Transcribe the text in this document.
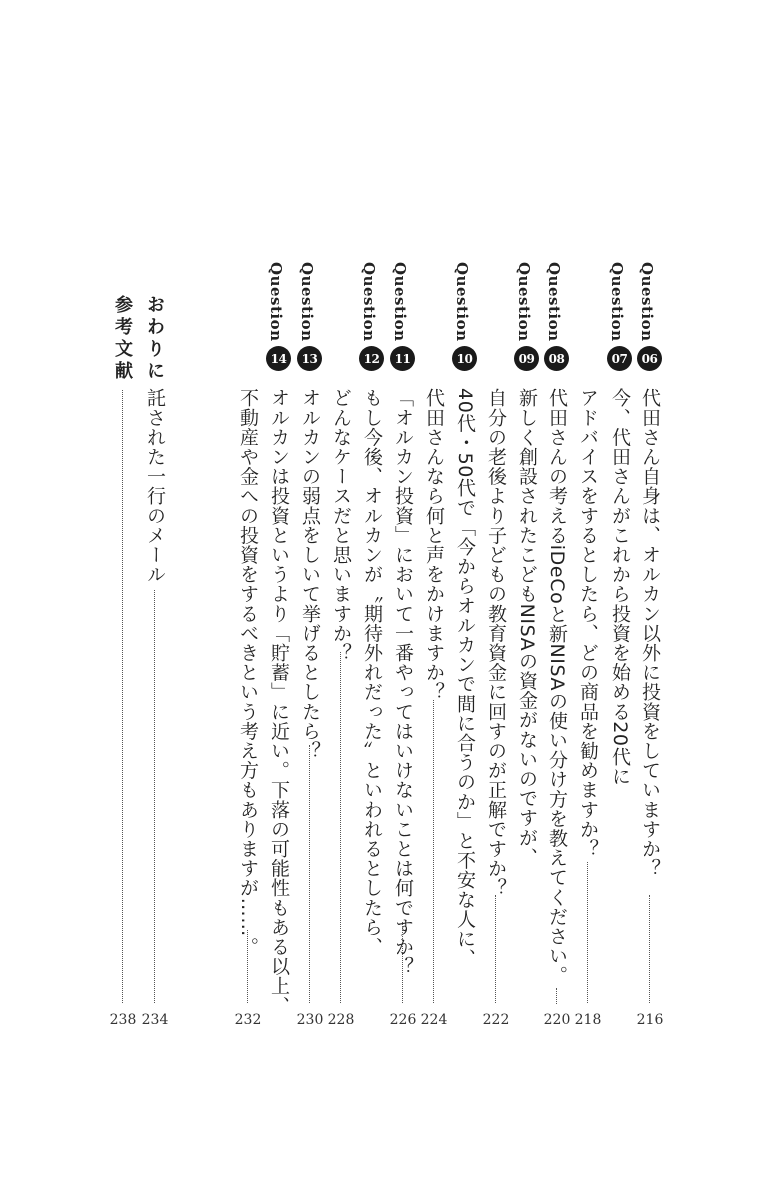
Question
06
代田さん自身は、オルカン以外に投資をしていますか？
216
Question
07
今、代田さんがこれから投資を始める20代に
アドバイスをするとしたら、どの商品を勧めますか？
218
Question
08
代田さんの考えるiDeCoと新NISAの使い分け方を教えてください。
220
Question
09
新しく創設されたこどもNISAの資金がないのですが、
自分の老後より子どもの教育資金に回すのが正解ですか？
222
Question
10
40代・50代で「今からオルカンで間に合うのか」と不安な人に、
代田さんなら何と声をかけますか？
224
Question
11
「オルカン投資」において一番やってはいけないことは何ですか？
226
Question
12
もし今後、オルカンが〝期待外れだった〟といわれるとしたら、
どんなケースだと思いますか？
228
Question
13
オルカンの弱点をしいて挙げるとしたら？
230
Question
14
オルカンは投資というより「貯蓄」に近い。下落の可能性もある以上、
不動産や金への投資をするべきという考え方もありますが……。
232
おわりに
託された一行のメール
234
参考文献
238
